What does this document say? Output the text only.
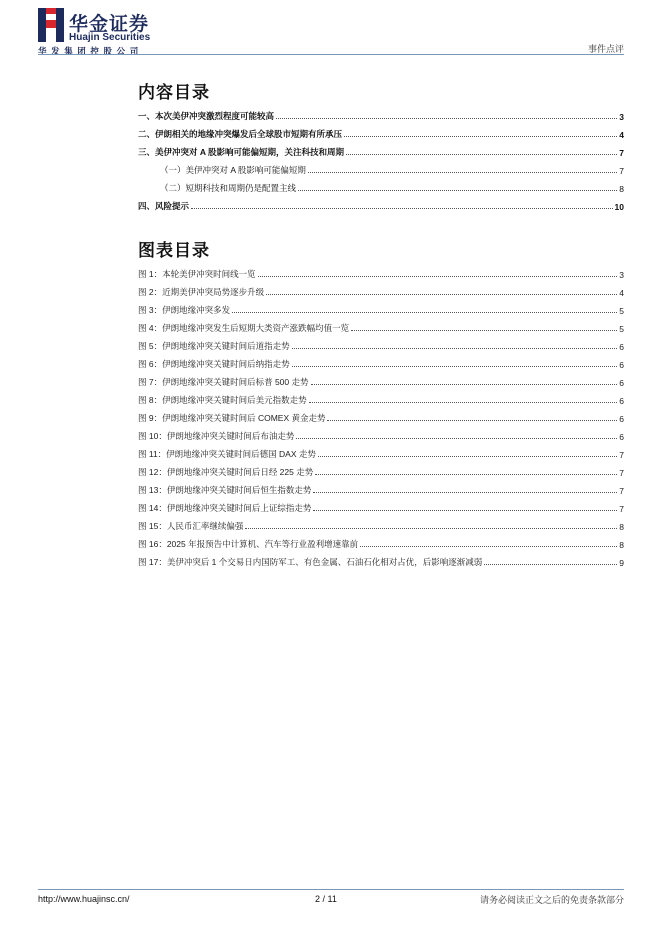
华金证券
Huajin Securities
华发集团控股公司	事件点评
内容目录
一、本次美伊冲突激烈程度可能较高	3
二、伊朗相关的地缘冲突爆发后全球股市短期有所承压	4
三、美伊冲突对 A 股影响可能偏短期，关注科技和周期	7
（一）美伊冲突对 A 股影响可能偏短期	7
（二）短期科技和周期仍是配置主线	8
四、风险提示	10
图表目录
图 1：本轮美伊冲突时间线一览	3
图 2：近期美伊冲突局势逐步升级	4
图 3：伊朗地缘冲突多发	5
图 4：伊朗地缘冲突发生后短期大类资产涨跌幅均值一览	5
图 5：伊朗地缘冲突关键时间后道指走势	6
图 6：伊朗地缘冲突关键时间后纳指走势	6
图 7：伊朗地缘冲突关键时间后标普 500 走势	6
图 8：伊朗地缘冲突关键时间后美元指数走势	6
图 9：伊朗地缘冲突关键时间后 COMEX 黄金走势	6
图 10：伊朗地缘冲突关键时间后布油走势	6
图 11：伊朗地缘冲突关键时间后德国 DAX 走势	7
图 12：伊朗地缘冲突关键时间后日经 225 走势	7
图 13：伊朗地缘冲突关键时间后恒生指数走势	7
图 14：伊朗地缘冲突关键时间后上证综指走势	7
图 15：人民币汇率继续偏强	8
图 16：2025 年报预告中计算机、汽车等行业盈利增速靠前	8
图 17：美伊冲突后 1 个交易日内国防军工、有色金属、石油石化相对占优，后影响逐渐减弱	9
http://www.huajinsc.cn/	2 / 11	请务必阅读正文之后的免责条款部分
